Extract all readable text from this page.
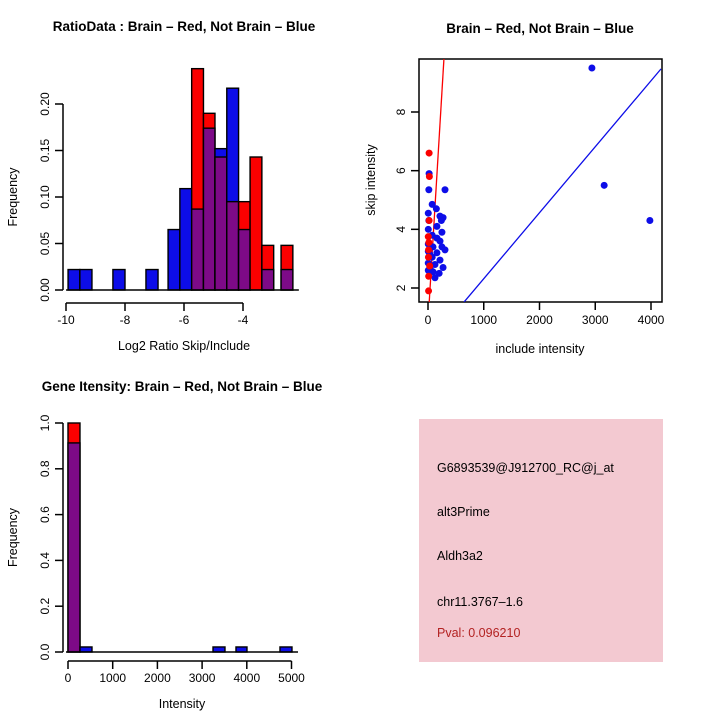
0.00
0.05
0.10
0.15
0.20
-10	-8	-6	-4
RatioData : Brain – Red, Not Brain – Blue
Log2 Ratio Skip/Include
Frequency
0.0
0.2
0.4
0.6
0.8
1.0
0 1000 2000 3000 4000 5000
Gene Itensity: Brain – Red, Not Brain – Blue
Intensity
Frequency
0	1000 2000 3000 4000
2
4
6
8
Brain – Red, Not Brain – Blue
include intensity
skip intensity
G6893539@J912700_RC@j_at
alt3Prime
Aldh3a2
chr11.3767–1.6
Pval: 0.096210
